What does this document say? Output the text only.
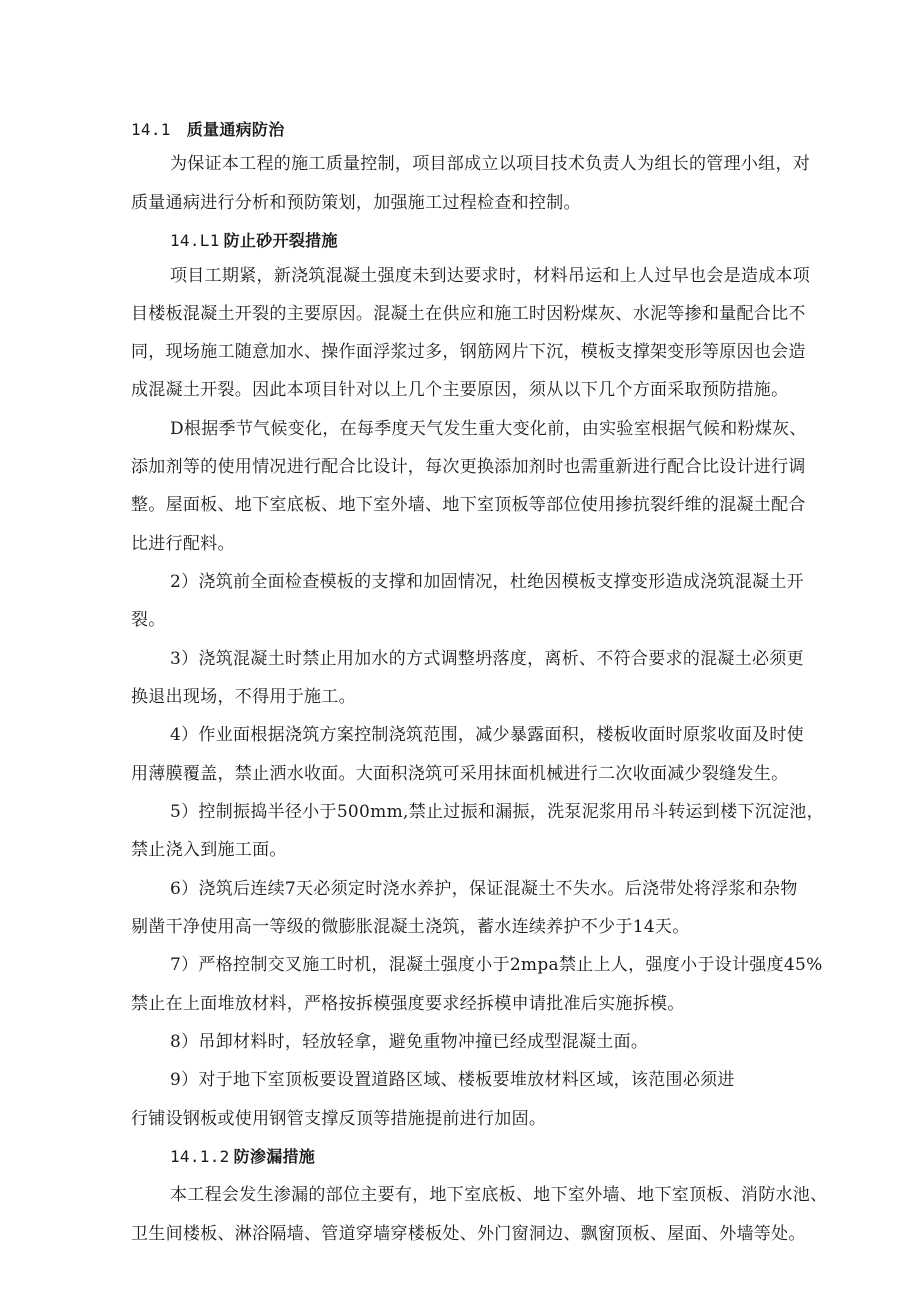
14.1 质量通病防治
为保证本工程的施工质量控制，项目部成立以项目技术负责人为组长的管理小组，对
质量通病进行分析和预防策划，加强施工过程检查和控制。
14.L1 防止砂开裂措施
项目工期紧，新浇筑混凝土强度未到达要求时，材料吊运和上人过早也会是造成本项
目楼板混凝土开裂的主要原因。混凝土在供应和施工时因粉煤灰、水泥等掺和量配合比不
同，现场施工随意加水、操作面浮浆过多，钢筋网片下沉，模板支撑架变形等原因也会造
成混凝土开裂。因此本项目针对以上几个主要原因，须从以下几个方面采取预防措施。
D根据季节气候变化，在每季度天气发生重大变化前，由实验室根据气候和粉煤灰、
添加剂等的使用情况进行配合比设计，每次更换添加剂时也需重新进行配合比设计进行调
整。屋面板、地下室底板、地下室外墙、地下室顶板等部位使用掺抗裂纤维的混凝土配合
比进行配料。
2）浇筑前全面检查模板的支撑和加固情况，杜绝因模板支撑变形造成浇筑混凝土开
裂。
3）浇筑混凝土时禁止用加水的方式调整坍落度，离析、不符合要求的混凝土必须更
换退出现场，不得用于施工。
4）作业面根据浇筑方案控制浇筑范围，减少暴露面积，楼板收面时原浆收面及时使
用薄膜覆盖，禁止洒水收面。大面积浇筑可采用抹面机械进行二次收面减少裂缝发生。
5）控制振捣半径小于500mm,禁止过振和漏振，洗泵泥浆用吊斗转运到楼下沉淀池，
禁止浇入到施工面。
6）浇筑后连续7天必须定时浇水养护，保证混凝土不失水。后浇带处将浮浆和杂物
剔凿干净使用高一等级的微膨胀混凝土浇筑，蓄水连续养护不少于14天。
7）严格控制交叉施工时机，混凝土强度小于2mpa禁止上人，强度小于设计强度45%
禁止在上面堆放材料，严格按拆模强度要求经拆模申请批准后实施拆模。
8）吊卸材料时，轻放轻拿，避免重物冲撞已经成型混凝土面。
9）对于地下室顶板要设置道路区域、楼板要堆放材料区域，该范围必须进
行铺设钢板或使用钢管支撑反顶等措施提前进行加固。
14.1.2 防渗漏措施
本工程会发生渗漏的部位主要有，地下室底板、地下室外墙、地下室顶板、消防水池、
卫生间楼板、淋浴隔墙、管道穿墙穿楼板处、外门窗洞边、飘窗顶板、屋面、外墙等处。
